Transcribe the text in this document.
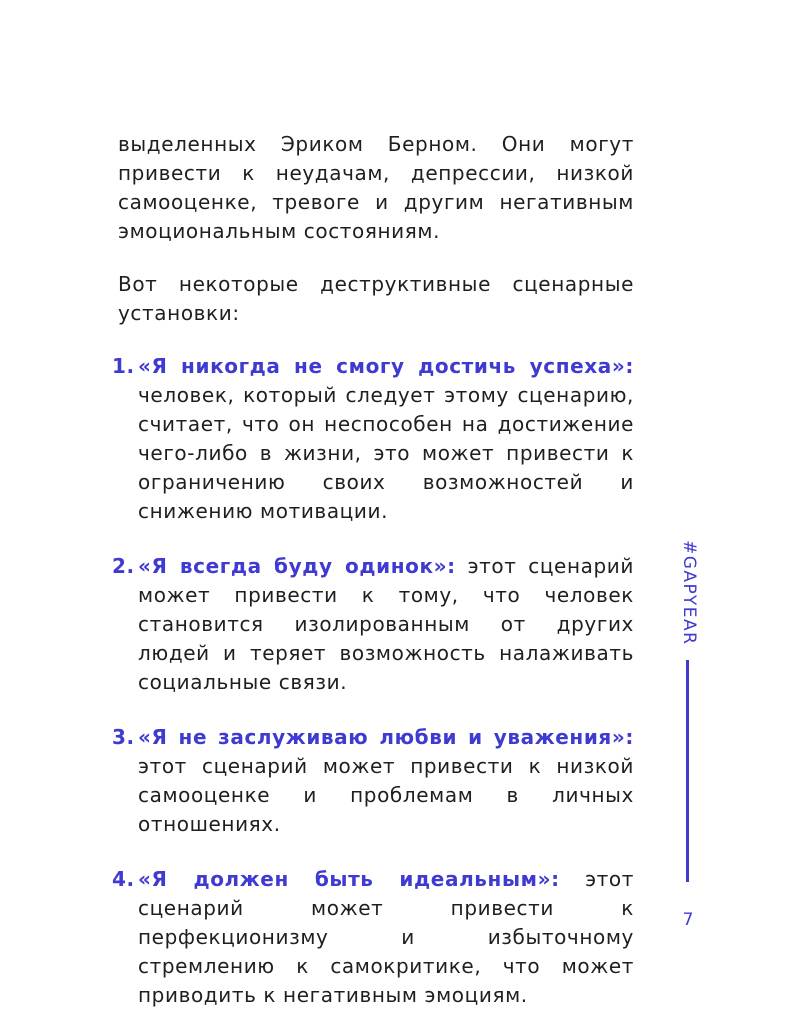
выделенных Эриком Берном. Они могут привести к неудачам, депрессии, низкой самооценке, тревоге и другим негативным эмоциональным состояниям.

Вот некоторые деструктивные сценарные установки:

1. «Я никогда не смогу достичь успеха»: человек, который следует этому сценарию, считает, что он неспособен на достижение чего-либо в жизни, это может привести к ограничению своих возможностей и снижению мотивации.
2. «Я всегда буду одинок»: этот сценарий может привести к тому, что человек становится изолированным от других людей и теряет возможность налаживать социальные связи.
3. «Я не заслуживаю любви и уважения»: этот сценарий может привести к низкой самооценке и проблемам в личных отношениях.
4. «Я должен быть идеальным»: этот сценарий может привести к перфекционизму и избыточному стремлению к самокритике, что может приводить к негативным эмоциям.
#GAPYEAR
7
